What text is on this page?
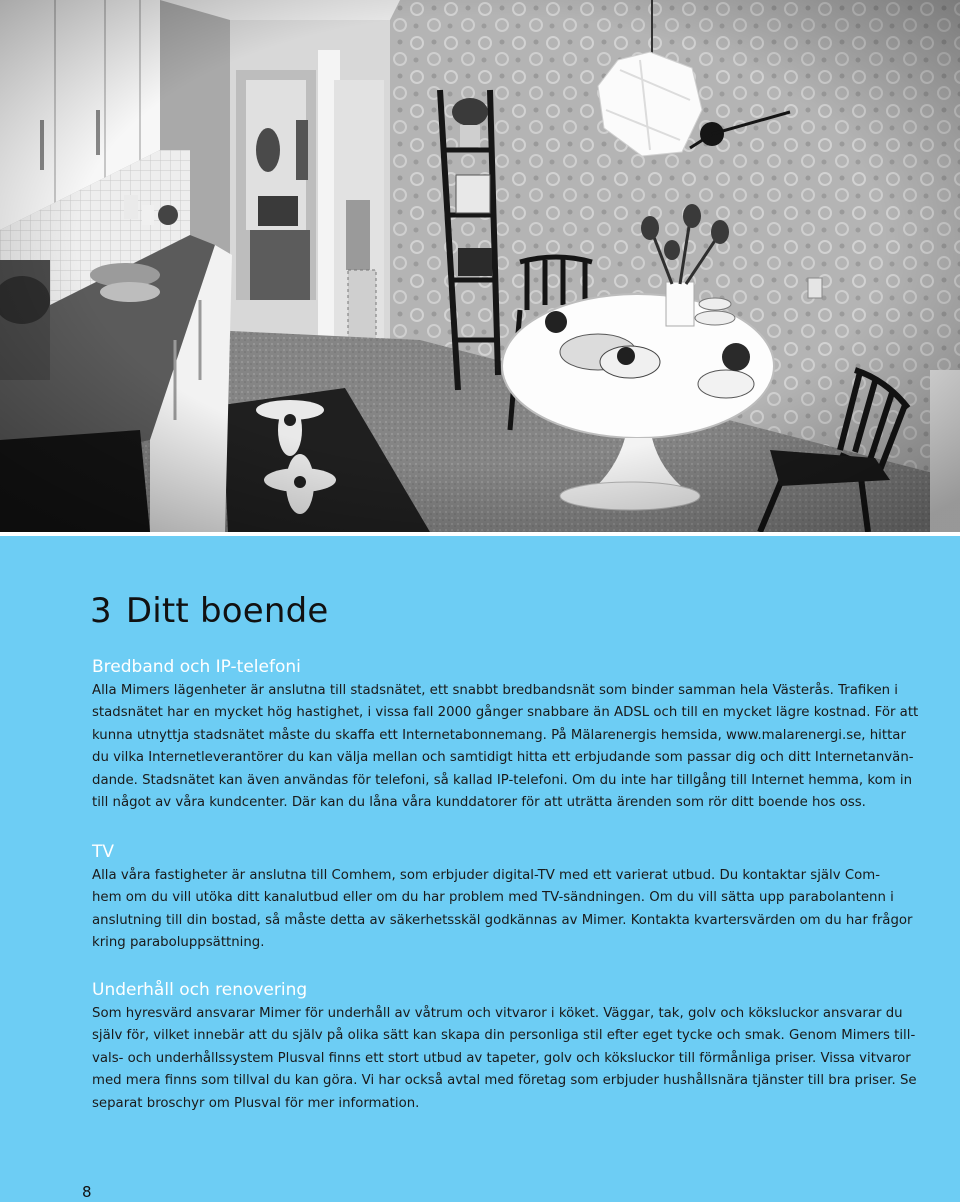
3 Ditt boende
Bredband och IP-telefoni

Alla Mimers lägenheter är anslutna till stadsnätet, ett snabbt bredbandsnät som binder samman hela Västerås. Trafiken i
stadsnätet har en mycket hög hastighet, i vissa fall 2000 gånger snabbare än ADSL och till en mycket lägre kostnad. För att
kunna utnyttja stadsnätet måste du skaffa ett Internetabonnemang. På Mälarenergis hemsida, www.malarenergi.se, hittar
du vilka Internetleverantörer du kan välja mellan och samtidigt hitta ett erbjudande som passar dig och ditt Internetanvän-
dande. Stadsnätet kan även användas för telefoni, så kallad IP-telefoni. Om du inte har tillgång till Internet hemma, kom in
till något av våra kundcenter. Där kan du låna våra kunddatorer för att uträtta ärenden som rör ditt boende hos oss.

TV

Alla våra fastigheter är anslutna till Comhem, som erbjuder digital-TV med ett varierat utbud. Du kontaktar själv Com-
hem om du vill utöka ditt kanalutbud eller om du har problem med TV-sändningen. Om du vill sätta upp parabolantenn i
anslutning till din bostad, så måste detta av säkerhetsskäl godkännas av Mimer. Kontakta kvartersvärden om du har frågor
kring paraboluppsättning.

Underhåll och renovering

Som hyresvärd ansvarar Mimer för underhåll av våtrum och vitvaror i köket. Väggar, tak, golv och köksluckor ansvarar du
själv för, vilket innebär att du själv på olika sätt kan skapa din personliga stil efter eget tycke och smak. Genom Mimers till-
vals- och underhållssystem Plusval finns ett stort utbud av tapeter, golv och köksluckor till förmånliga priser. Vissa vitvaror
med mera finns som tillval du kan göra. Vi har också avtal med företag som erbjuder hushållsnära tjänster till bra priser. Se
separat broschyr om Plusval för mer information.

8
